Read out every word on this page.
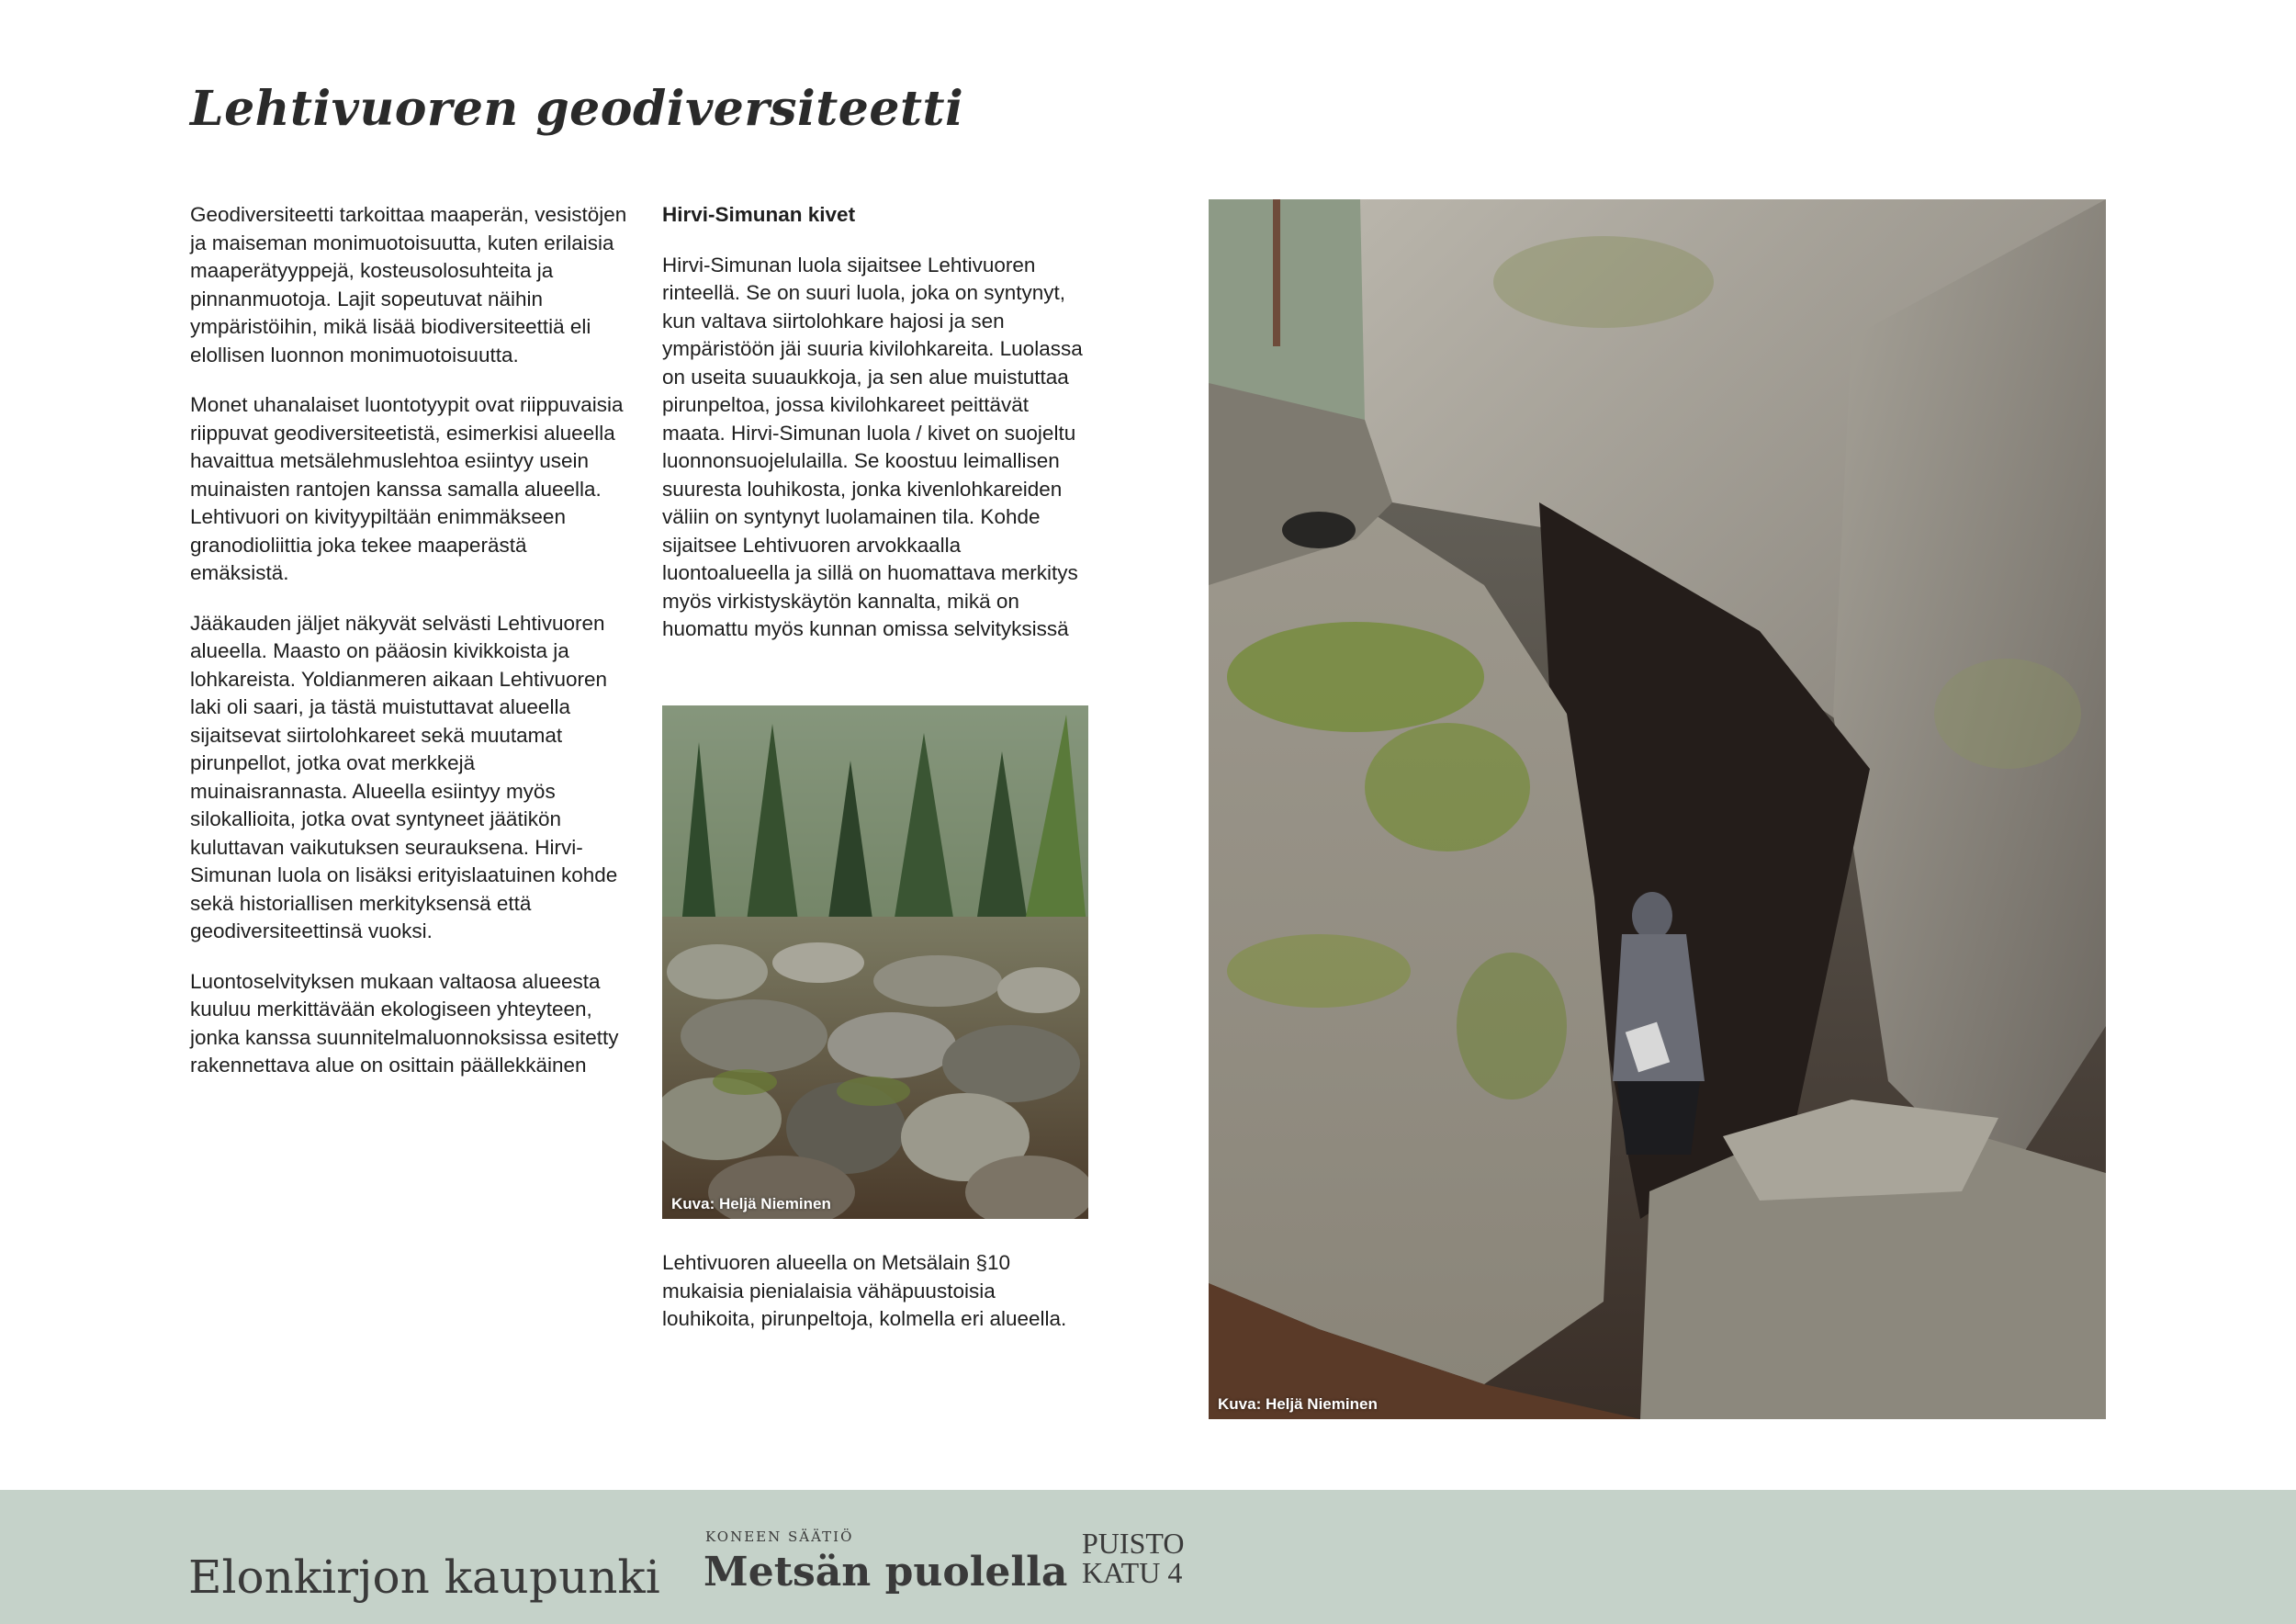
Lehtivuoren geodiversiteetti

Geodiversiteetti tarkoittaa maaperän, vesistöjen ja maiseman monimuotoisuutta, kuten erilaisia maaperätyyppejä, kosteusolosuhteita ja pinnanmuotoja. Lajit sopeutuvat näihin ympäristöihin, mikä lisää biodiversiteettiä eli elollisen luonnon monimuotoisuutta.

Monet uhanalaiset luontotyypit ovat riippuvaisia riippuvat geodiversiteetistä, esimerkisi alueella havaittua metsälehmuslehtoa esiintyy usein muinaisten rantojen kanssa samalla alueella. Lehtivuori on kivityypiltään enimmäkseen granodioliittia joka tekee maaperästä emäksistä.

Jääkauden jäljet näkyvät selvästi Lehtivuoren alueella. Maasto on pääosin kivikkoista ja lohkareista. Yoldianmeren aikaan Lehtivuoren laki oli saari, ja tästä muistuttavat alueella sijaitsevat siirtolohkareet sekä muutamat pirunpellot, jotka ovat merkkejä muinaisrannasta. Alueella esiintyy myös silokallioita, jotka ovat syntyneet jäätikön kuluttavan vaikutuksen seurauksena. Hirvi-Simunan luola on lisäksi erityislaatuinen kohde sekä historiallisen merkityksensä että geodiversiteettinsä vuoksi.

Luontoselvityksen mukaan valtaosa alueesta kuuluu merkittävään ekologiseen yhteyteen, jonka kanssa suunnitelmaluonnoksissa esitetty rakennettava alue on osittain päällekkäinen

Hirvi-Simunan kivet

Hirvi-Simunan luola sijaitsee Lehtivuoren rinteellä. Se on suuri luola, joka on syntynyt, kun valtava siirtolohkare hajosi ja sen ympäristöön jäi suuria kivilohkareita. Luolassa on useita suuaukkoja, ja sen alue muistuttaa pirunpeltoa, jossa kivilohkareet peittävät maata. Hirvi-Simunan luola / kivet on suojeltu luonnonsuojelulailla. Se koostuu leimallisen suuresta louhikosta, jonka kivenlohkareiden väliin on syntynyt luolamainen tila. Kohde sijaitsee Lehtivuoren arvokkaalla luontoalueella ja sillä on huomattava merkitys myös virkistyskäytön kannalta, mikä on huomattu myös kunnan omissa selvityksissä

Kuva: Heljä Nieminen

Lehtivuoren alueella on Metsälain §10 mukaisia pienialaisia vähäpuustoisia louhikoita, pirunpeltoja, kolmella eri alueella.

Kuva: Heljä Nieminen
Elonkirjon kaupunki
KONEEN SÄÄTIÖ
Metsän puolella
PUISTO
KATU 4
